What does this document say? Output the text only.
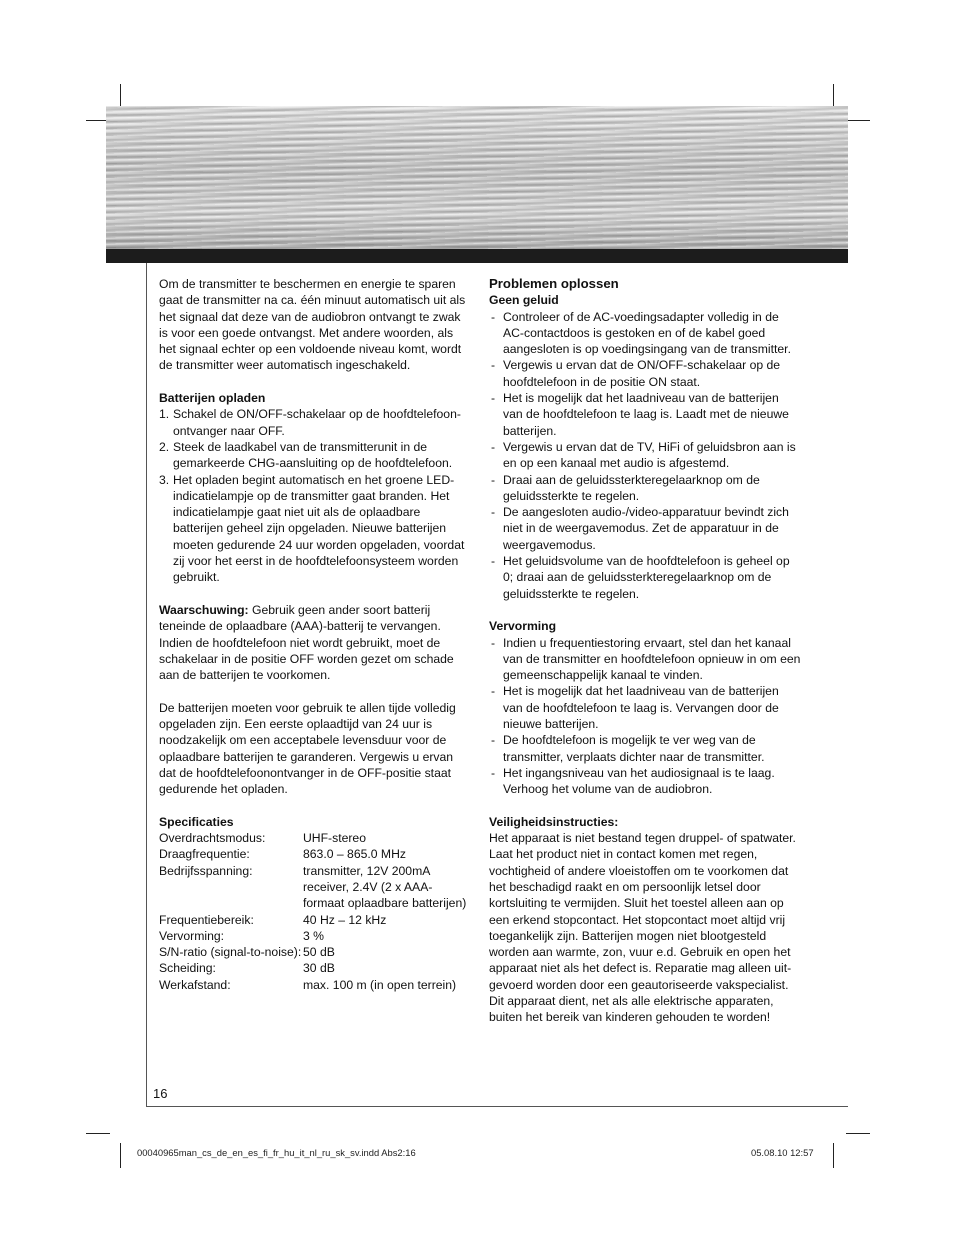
Om de transmitter te beschermen en energie te sparen gaat de transmitter na ca. één minuut automatisch uit als het signaal dat deze van de audiobron ontvangt te zwak is voor een goede ontvangst. Met andere woorden, als het signaal echter op een voldoende niveau komt, wordt de transmitter weer automatisch ingeschakeld.

Batterijen opladen

1. Schakel de ON/OFF-schakelaar op de hoofdtelefoon-ontvanger naar OFF.
2. Steek de laadkabel van de transmitterunit in de gemarkeerde CHG-aansluiting op de hoofdtelefoon.
3. Het opladen begint automatisch en het groene LED-indicatielampje op de transmitter gaat branden. Het indicatielampje gaat niet uit als de oplaadbare batterijen geheel zijn opgeladen. Nieuwe batterijen moeten gedurende 24 uur worden opgeladen, voordat zij voor het eerst in de hoofdtelefoonsysteem worden gebruikt.

Waarschuwing: Gebruik geen ander soort batterij teneinde de oplaadbare (AAA)-batterij te vervangen. Indien de hoofdtelefoon niet wordt gebruikt, moet de schakelaar in de positie OFF worden gezet om schade aan de batterijen te voorkomen.

De batterijen moeten voor gebruik te allen tijde volledig opgeladen zijn. Een eerste oplaadtijd van 24 uur is noodzakelijk om een acceptabele levensduur voor de oplaadbare batterijen te garanderen. Vergewis u ervan dat de hoofdtelefoonontvanger in de OFF-positie staat gedurende het opladen.

Specificaties

Overdrachtsmodus:	UHF-stereo
Draagfrequentie:	863.0 – 865.0 MHz
Bedrijfsspanning:	transmitter, 12V 200mA receiver, 2.4V (2 x AAA-formaat oplaadbare batterijen)
Frequentiebereik:	40 Hz – 12 kHz
Vervorming:	3 %
S/N-ratio (signal-to-noise):	50 dB
Scheiding:	30 dB
Werkafstand:	max. 100 m (in open terrein)

Problemen oplossen

Geen geluid

- Controleer of de AC-voedingsadapter volledig in de AC-contactdoos is gestoken en of de kabel goed aangesloten is op voedingsingang van de transmitter.
- Vergewis u ervan dat de ON/OFF-schakelaar op de hoofdtelefoon in de positie ON staat.
- Het is mogelijk dat het laadniveau van de batterijen van de hoofdtelefoon te laag is. Laadt met de nieuwe batterijen.
- Vergewis u ervan dat de TV, HiFi of geluidsbron aan is en op een kanaal met audio is afgestemd.
- Draai aan de geluidssterkteregelaarknop om de geluidssterkte te regelen.
- De aangesloten audio-/video-apparatuur bevindt zich niet in de weergavemodus. Zet de apparatuur in de weergavemodus.
- Het geluidsvolume van de hoofdtelefoon is geheel op 0; draai aan de geluidssterkteregelaarknop om de geluidssterkte te regelen.

Vervorming

- Indien u frequentiestoring ervaart, stel dan het kanaal van de transmitter en hoofdtelefoon opnieuw in om een gemeenschappelijk kanaal te vinden.
- Het is mogelijk dat het laadniveau van de batterijen van de hoofdtelefoon te laag is. Vervangen door de nieuwe batterijen.
- De hoofdtelefoon is mogelijk te ver weg van de transmitter, verplaats dichter naar de transmitter.
- Het ingangsniveau van het audiosignaal is te laag. Verhoog het volume van de audiobron.

Veiligheidsinstructies:

Het apparaat is niet bestand tegen druppel- of spatwater. Laat het product niet in contact komen met regen, vochtigheid of andere vloeistoffen om te voorkomen dat het beschadigd raakt en om persoonlijk letsel door kortsluiting te vermijden. Sluit het toestel alleen aan op een erkend stopcontact. Het stopcontact moet altijd vrij toegankelijk zijn. Batterijen mogen niet blootgesteld worden aan warmte, zon, vuur e.d. Gebruik en open het apparaat niet als het defect is. Reparatie mag alleen uit-gevoerd worden door een geautoriseerde vakspecialist. Dit apparaat dient, net als alle elektrische apparaten, buiten het bereik van kinderen gehouden te worden!

16
00040965man_cs_de_en_es_fi_fr_hu_it_nl_ru_sk_sv.indd Abs2:16	05.08.10 12:57
